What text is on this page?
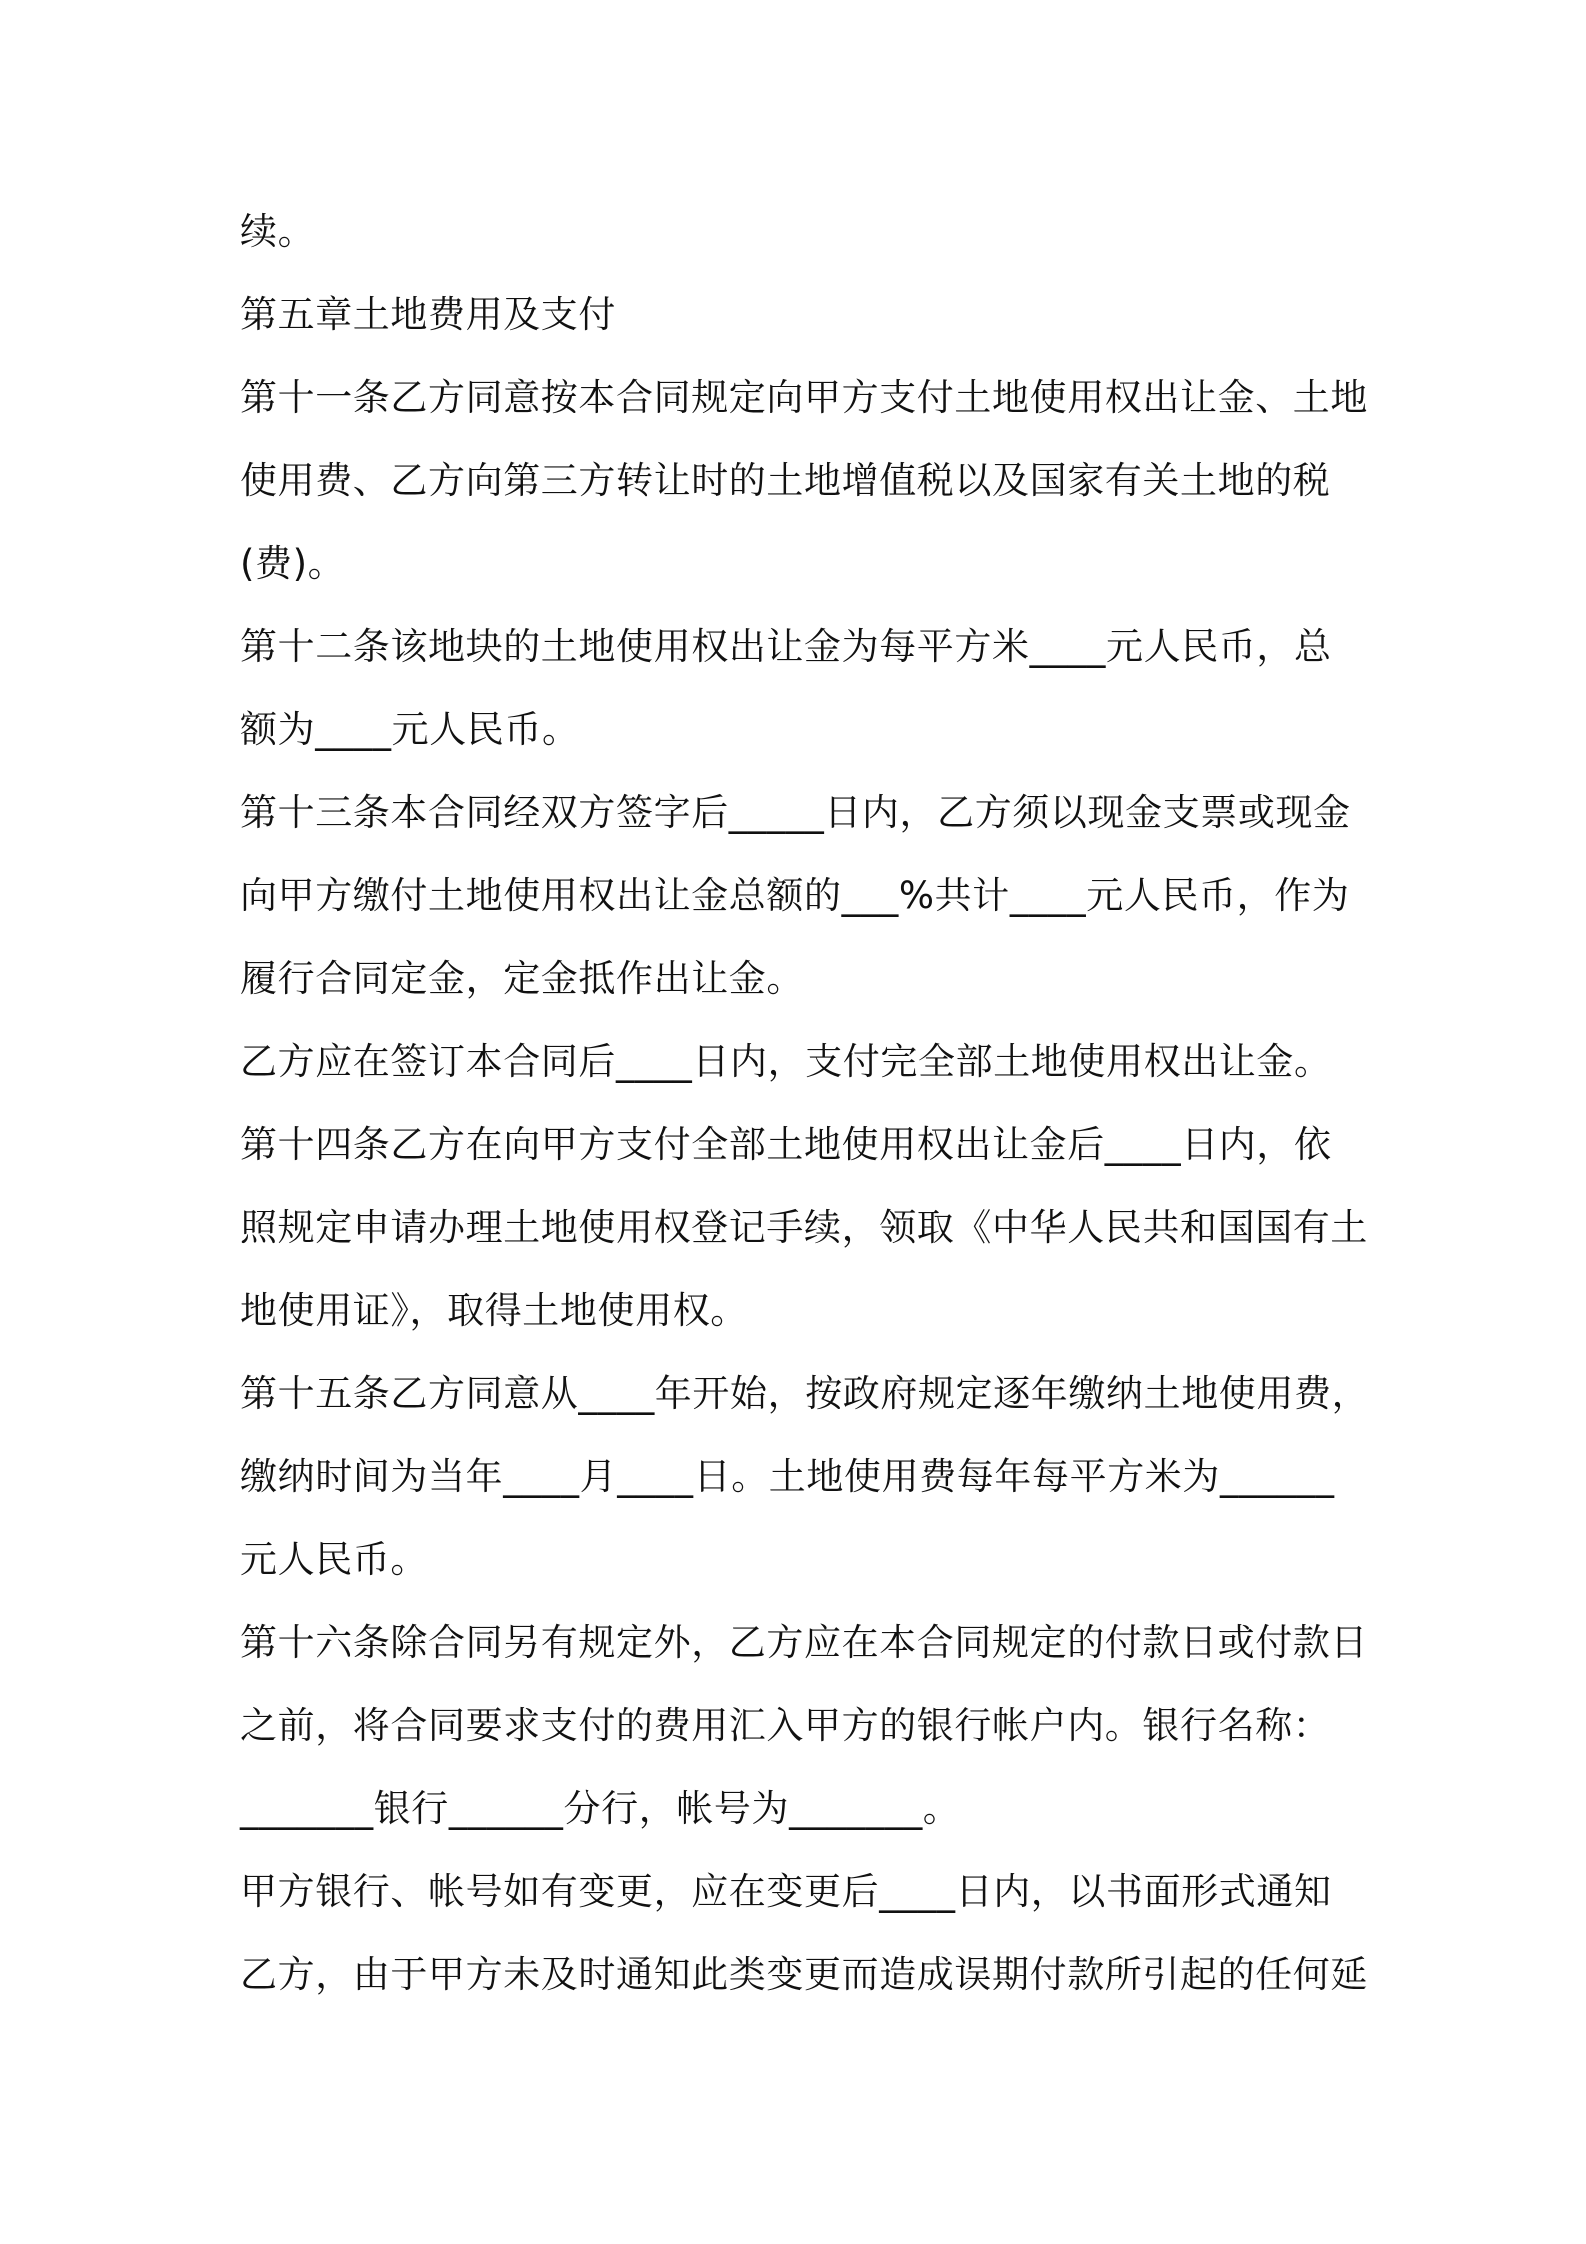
续。
第五章土地费用及支付
第十一条乙方同意按本合同规定向甲方支付土地使用权出让金、土地
使用费、乙方向第三方转让时的土地增值税以及国家有关土地的税
(费)。
第十二条该地块的土地使用权出让金为每平方米____元人民币，总
额为____元人民币。
第十三条本合同经双方签字后_____日内，乙方须以现金支票或现金
向甲方缴付土地使用权出让金总额的___%共计____元人民币，作为
履行合同定金，定金抵作出让金。
乙方应在签订本合同后____日内，支付完全部土地使用权出让金。
第十四条乙方在向甲方支付全部土地使用权出让金后____日内，依
照规定申请办理土地使用权登记手续，领取《中华人民共和国国有土
地使用证》，取得土地使用权。
第十五条乙方同意从____年开始，按政府规定逐年缴纳土地使用费，
缴纳时间为当年____月____日。土地使用费每年每平方米为______
元人民币。
第十六条除合同另有规定外，乙方应在本合同规定的付款日或付款日
之前，将合同要求支付的费用汇入甲方的银行帐户内。银行名称：
_______银行______分行，帐号为_______。
甲方银行、帐号如有变更，应在变更后____日内，以书面形式通知
乙方，由于甲方未及时通知此类变更而造成误期付款所引起的任何延
